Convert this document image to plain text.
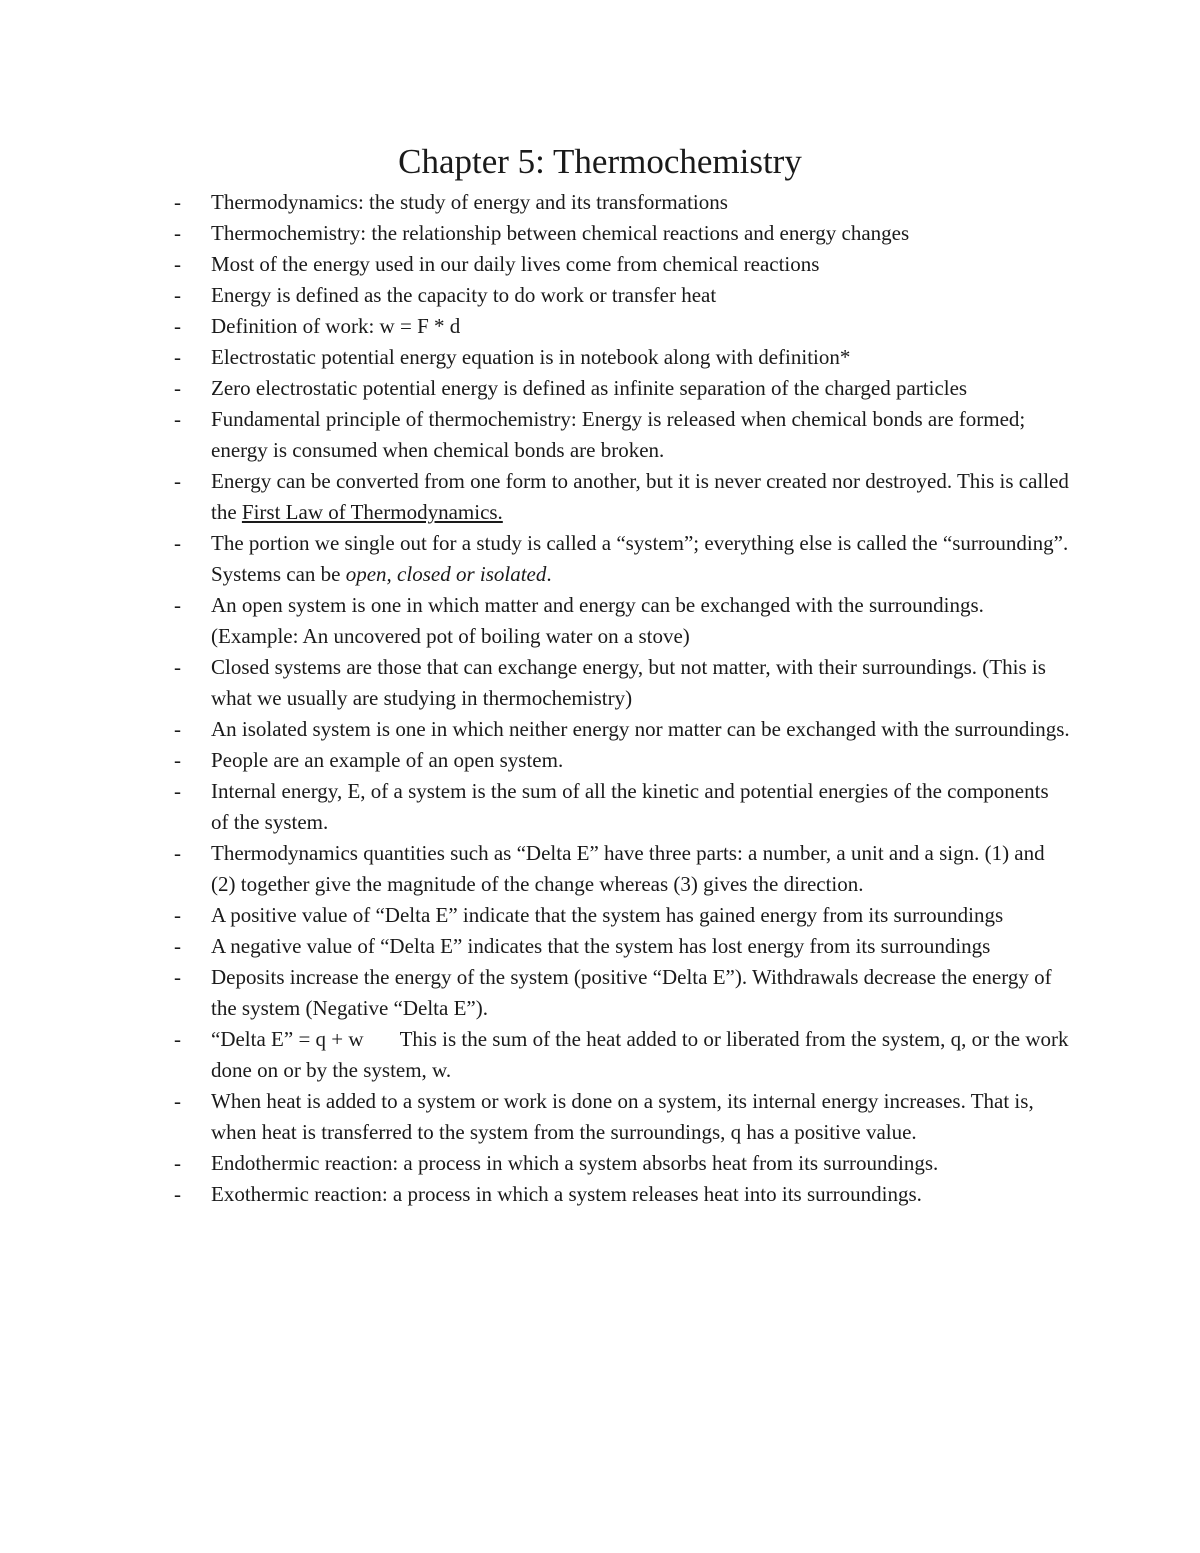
Chapter 5: Thermochemistry
-	Thermodynamics: the study of energy and its transformations
-	Thermochemistry: the relationship between chemical reactions and energy changes
-	Most of the energy used in our daily lives come from chemical reactions
-	Energy is defined as the capacity to do work or transfer heat
-	Definition of work: w = F * d
-	Electrostatic potential energy equation is in notebook along with definition*
-	Zero electrostatic potential energy is defined as infinite separation of the charged particles
-	Fundamental principle of thermochemistry: Energy is released when chemical bonds are formed; energy is consumed when chemical bonds are broken.
-	Energy can be converted from one form to another, but it is never created nor destroyed. This is called the First Law of Thermodynamics.
-	The portion we single out for a study is called a “system”; everything else is called the “surrounding”. Systems can be open, closed or isolated.
-	An open system is one in which matter and energy can be exchanged with the surroundings. (Example: An uncovered pot of boiling water on a stove)
-	Closed systems are those that can exchange energy, but not matter, with their surroundings. (This is what we usually are studying in thermochemistry)
-	An isolated system is one in which neither energy nor matter can be exchanged with the surroundings.
-	People are an example of an open system.
-	Internal energy, E, of a system is the sum of all the kinetic and potential energies of the components of the system.
-	Thermodynamics quantities such as “Delta E” have three parts: a number, a unit and a sign. (1) and (2) together give the magnitude of the change whereas (3) gives the direction.
-	A positive value of “Delta E” indicate that the system has gained energy from its surroundings
-	A negative value of “Delta E” indicates that the system has lost energy from its surroundings
-	Deposits increase the energy of the system (positive “Delta E”). Withdrawals decrease the energy of the system (Negative “Delta E”).
-	“Delta E” = q + w This is the sum of the heat added to or liberated from the system, q, or the work done on or by the system, w.
-	When heat is added to a system or work is done on a system, its internal energy increases. That is, when heat is transferred to the system from the surroundings, q has a positive value.
-	Endothermic reaction: a process in which a system absorbs heat from its surroundings.
-	Exothermic reaction: a process in which a system releases heat into its surroundings.
